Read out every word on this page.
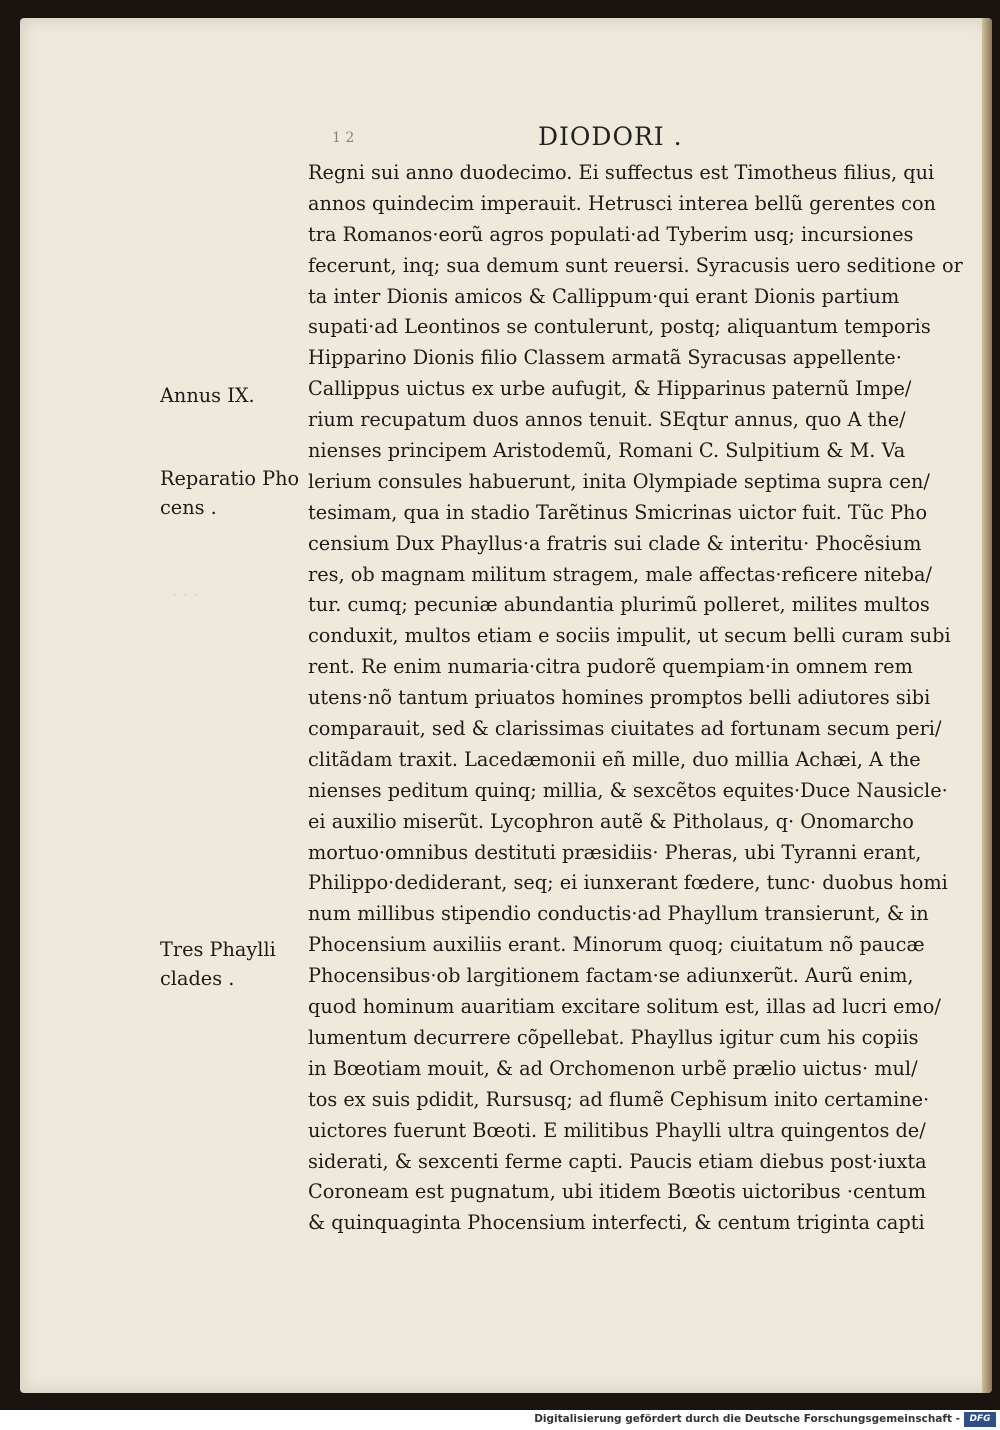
1 2	DIODORI .
· · ·
Annus IX.
Reparatio Pho
cens .
Tres Phaylli
clades .
Regni sui anno duodecimo. Ei suffectus est Timotheus filius, qui
annos quindecim imperauit. Hetrusci interea bellũ gerentes con
tra Romanos·eorũ agros populati·ad Tyberim usq; incursiones
fecerunt, inq; sua demum sunt reuersi. Syracusis uero seditione or
ta inter Dionis amicos & Callippum·qui erant Dionis partium
supati·ad Leontinos se contulerunt, postq; aliquantum temporis
Hipparino Dionis filio Classem armatã Syracusas appellente·
Callippus uictus ex urbe aufugit, & Hipparinus paternũ Impe/
rium recupatum duos annos tenuit. SEqtur annus, quo A the/
nienses principem Aristodemũ, Romani C. Sulpitium & M. Va
lerium consules habuerunt, inita Olympiade septima supra cen/
tesimam, qua in stadio Tarẽtinus Smicrinas uictor fuit. Tũc Pho
censium Dux Phayllus·a fratris sui clade & interitu· Phocẽsium
res, ob magnam militum stragem, male affectas·reficere niteba/
tur. cumq; pecuniæ abundantia plurimũ polleret, milites multos
conduxit, multos etiam e sociis impulit, ut secum belli curam subi
rent. Re enim numaria·citra pudorẽ quempiam·in omnem rem
utens·nõ tantum priuatos homines promptos belli adiutores sibi
comparauit, sed & clarissimas ciuitates ad fortunam secum peri/
clitãdam traxit. Lacedæmonii eñ mille, duo millia Achæi, A the
nienses peditum quinq; millia, & sexcẽtos equites·Duce Nausicle·
ei auxilio miserũt. Lycophron autẽ & Pitholaus, q· Onomarcho
mortuo·omnibus destituti præsidiis· Pheras, ubi Tyranni erant,
Philippo·dediderant, seq; ei iunxerant fœdere, tunc· duobus homi
num millibus stipendio conductis·ad Phayllum transierunt, & in
Phocensium auxiliis erant. Minorum quoq; ciuitatum nõ paucæ
Phocensibus·ob largitionem factam·se adiunxerũt. Aurũ enim,
quod hominum auaritiam excitare solitum est, illas ad lucri emo/
lumentum decurrere cõpellebat. Phayllus igitur cum his copiis
in Bœotiam mouit, & ad Orchomenon urbẽ prælio uictus· mul/
tos ex suis pdidit, Rursusq; ad flumẽ Cephisum inito certamine·
uictores fuerunt Bœoti. E militibus Phaylli ultra quingentos de/
siderati, & sexcenti ferme capti. Paucis etiam diebus post·iuxta
Coroneam est pugnatum, ubi itidem Bœotis uictoribus ·centum
& quinquaginta Phocensium interfecti, & centum triginta capti
Digitalisierung gefördert durch die Deutsche Forschungsgemeinschaft -	DFG
